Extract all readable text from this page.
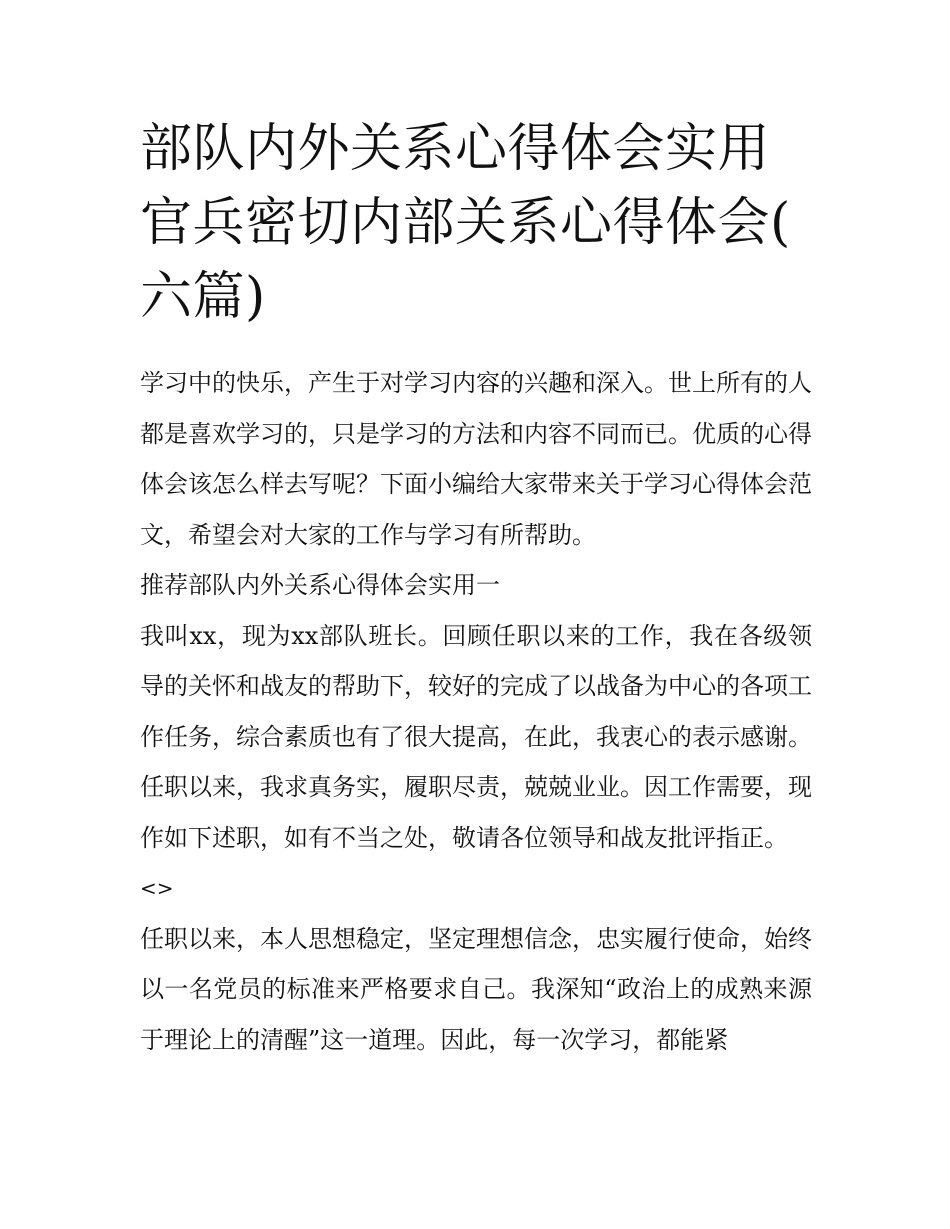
部队内外关系心得体会实用 官兵密切内部关系心得体会(六篇)

学习中的快乐，产生于对学习内容的兴趣和深入。世上所有的人都是喜欢学习的，只是学习的方法和内容不同而已。优质的心得体会该怎么样去写呢？下面小编给大家带来关于学习心得体会范文，希望会对大家的工作与学习有所帮助。

推荐部队内外关系心得体会实用一

我叫xx，现为xx部队班长。回顾任职以来的工作，我在各级领导的关怀和战友的帮助下，较好的完成了以战备为中心的各项工作任务，综合素质也有了很大提高，在此，我衷心的表示感谢。任职以来，我求真务实，履职尽责，兢兢业业。因工作需要，现作如下述职，如有不当之处，敬请各位领导和战友批评指正。

<>

任职以来，本人思想稳定，坚定理想信念，忠实履行使命，始终以一名党员的标准来严格要求自己。我深知“政治上的成熟来源于理论上的清醒”这一道理。因此，每一次学习，都能紧
